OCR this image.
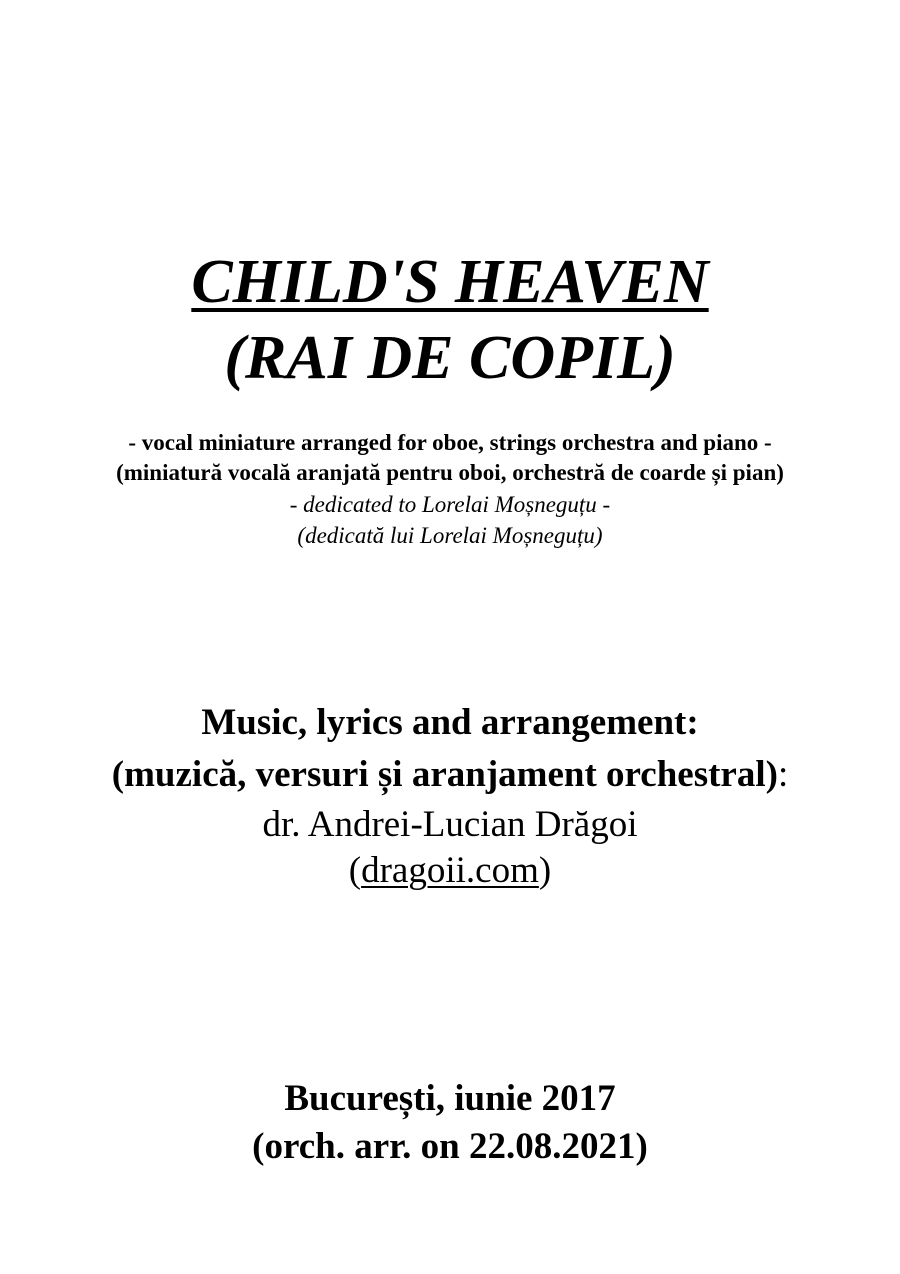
CHILD'S HEAVEN
(RAI DE COPIL)
- vocal miniature arranged for oboe, strings orchestra and piano -
(miniatură vocală aranjată pentru oboi, orchestră de coarde și pian)
- dedicated to Lorelai Moșneguțu -
(dedicată lui Lorelai Moșneguțu)
Music, lyrics and arrangement:
(muzică, versuri și aranjament orchestral):
dr. Andrei-Lucian Drăgoi
(dragoii.com)
București, iunie 2017
(orch. arr. on 22.08.2021)
